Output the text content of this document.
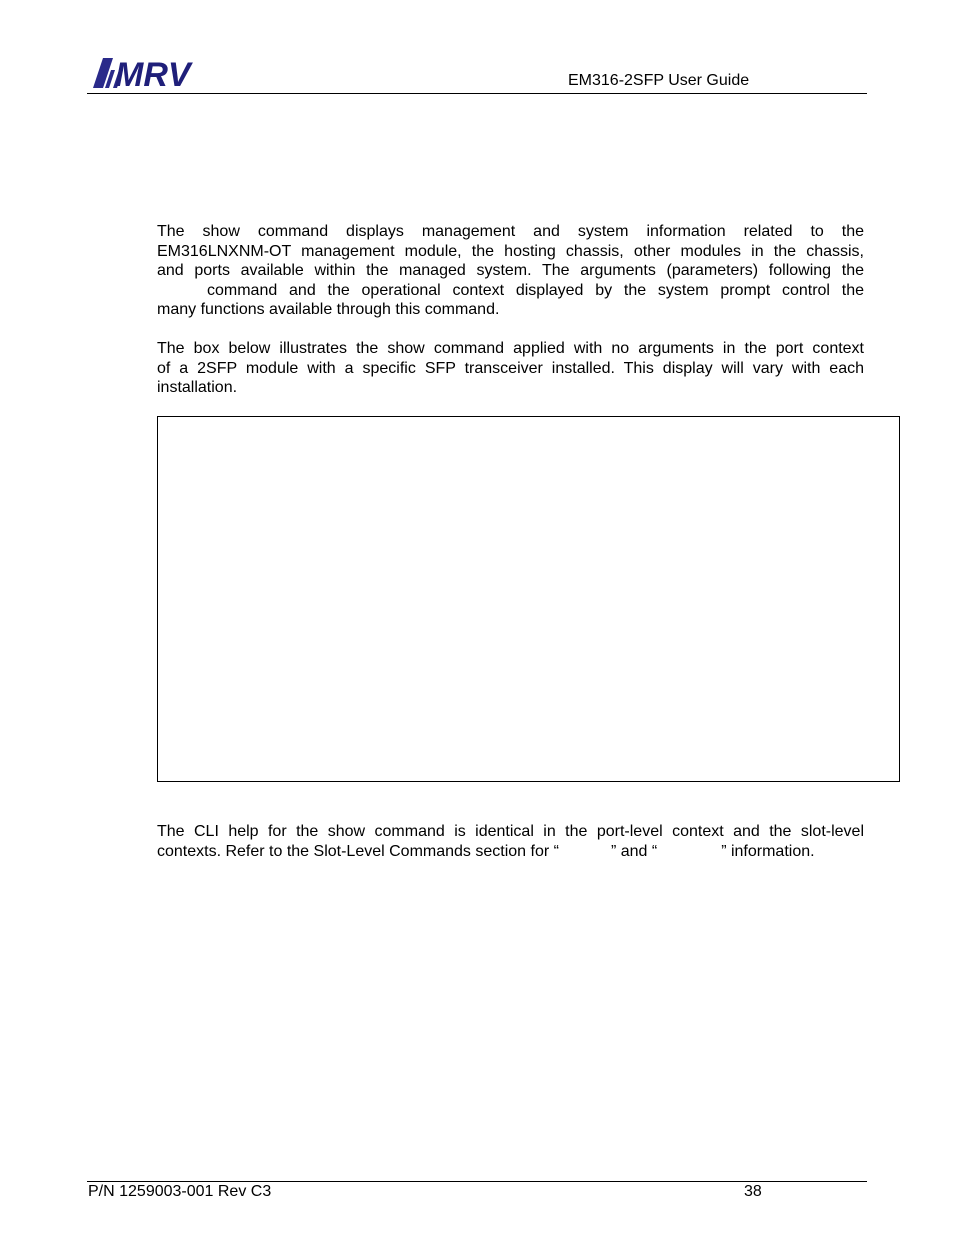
MRV	EM316-2SFP User Guide
The show command displays management and system information related to the
EM316LNXNM-OT management module, the hosting chassis, other modules in the chassis,
and ports available within the managed system. The arguments (parameters) following the
command and the operational context displayed by the system prompt control the
many functions available through this command.
The box below illustrates the show command applied with no arguments in the port context
of a 2SFP module with a specific SFP transceiver installed. This display will vary with each
installation.
The CLI help for the show command is identical in the port-level context and the slot-level
contexts. Refer to the Slot-Level Commands section for “	” and “	” information.
P/N 1259003-001 Rev C3	38
